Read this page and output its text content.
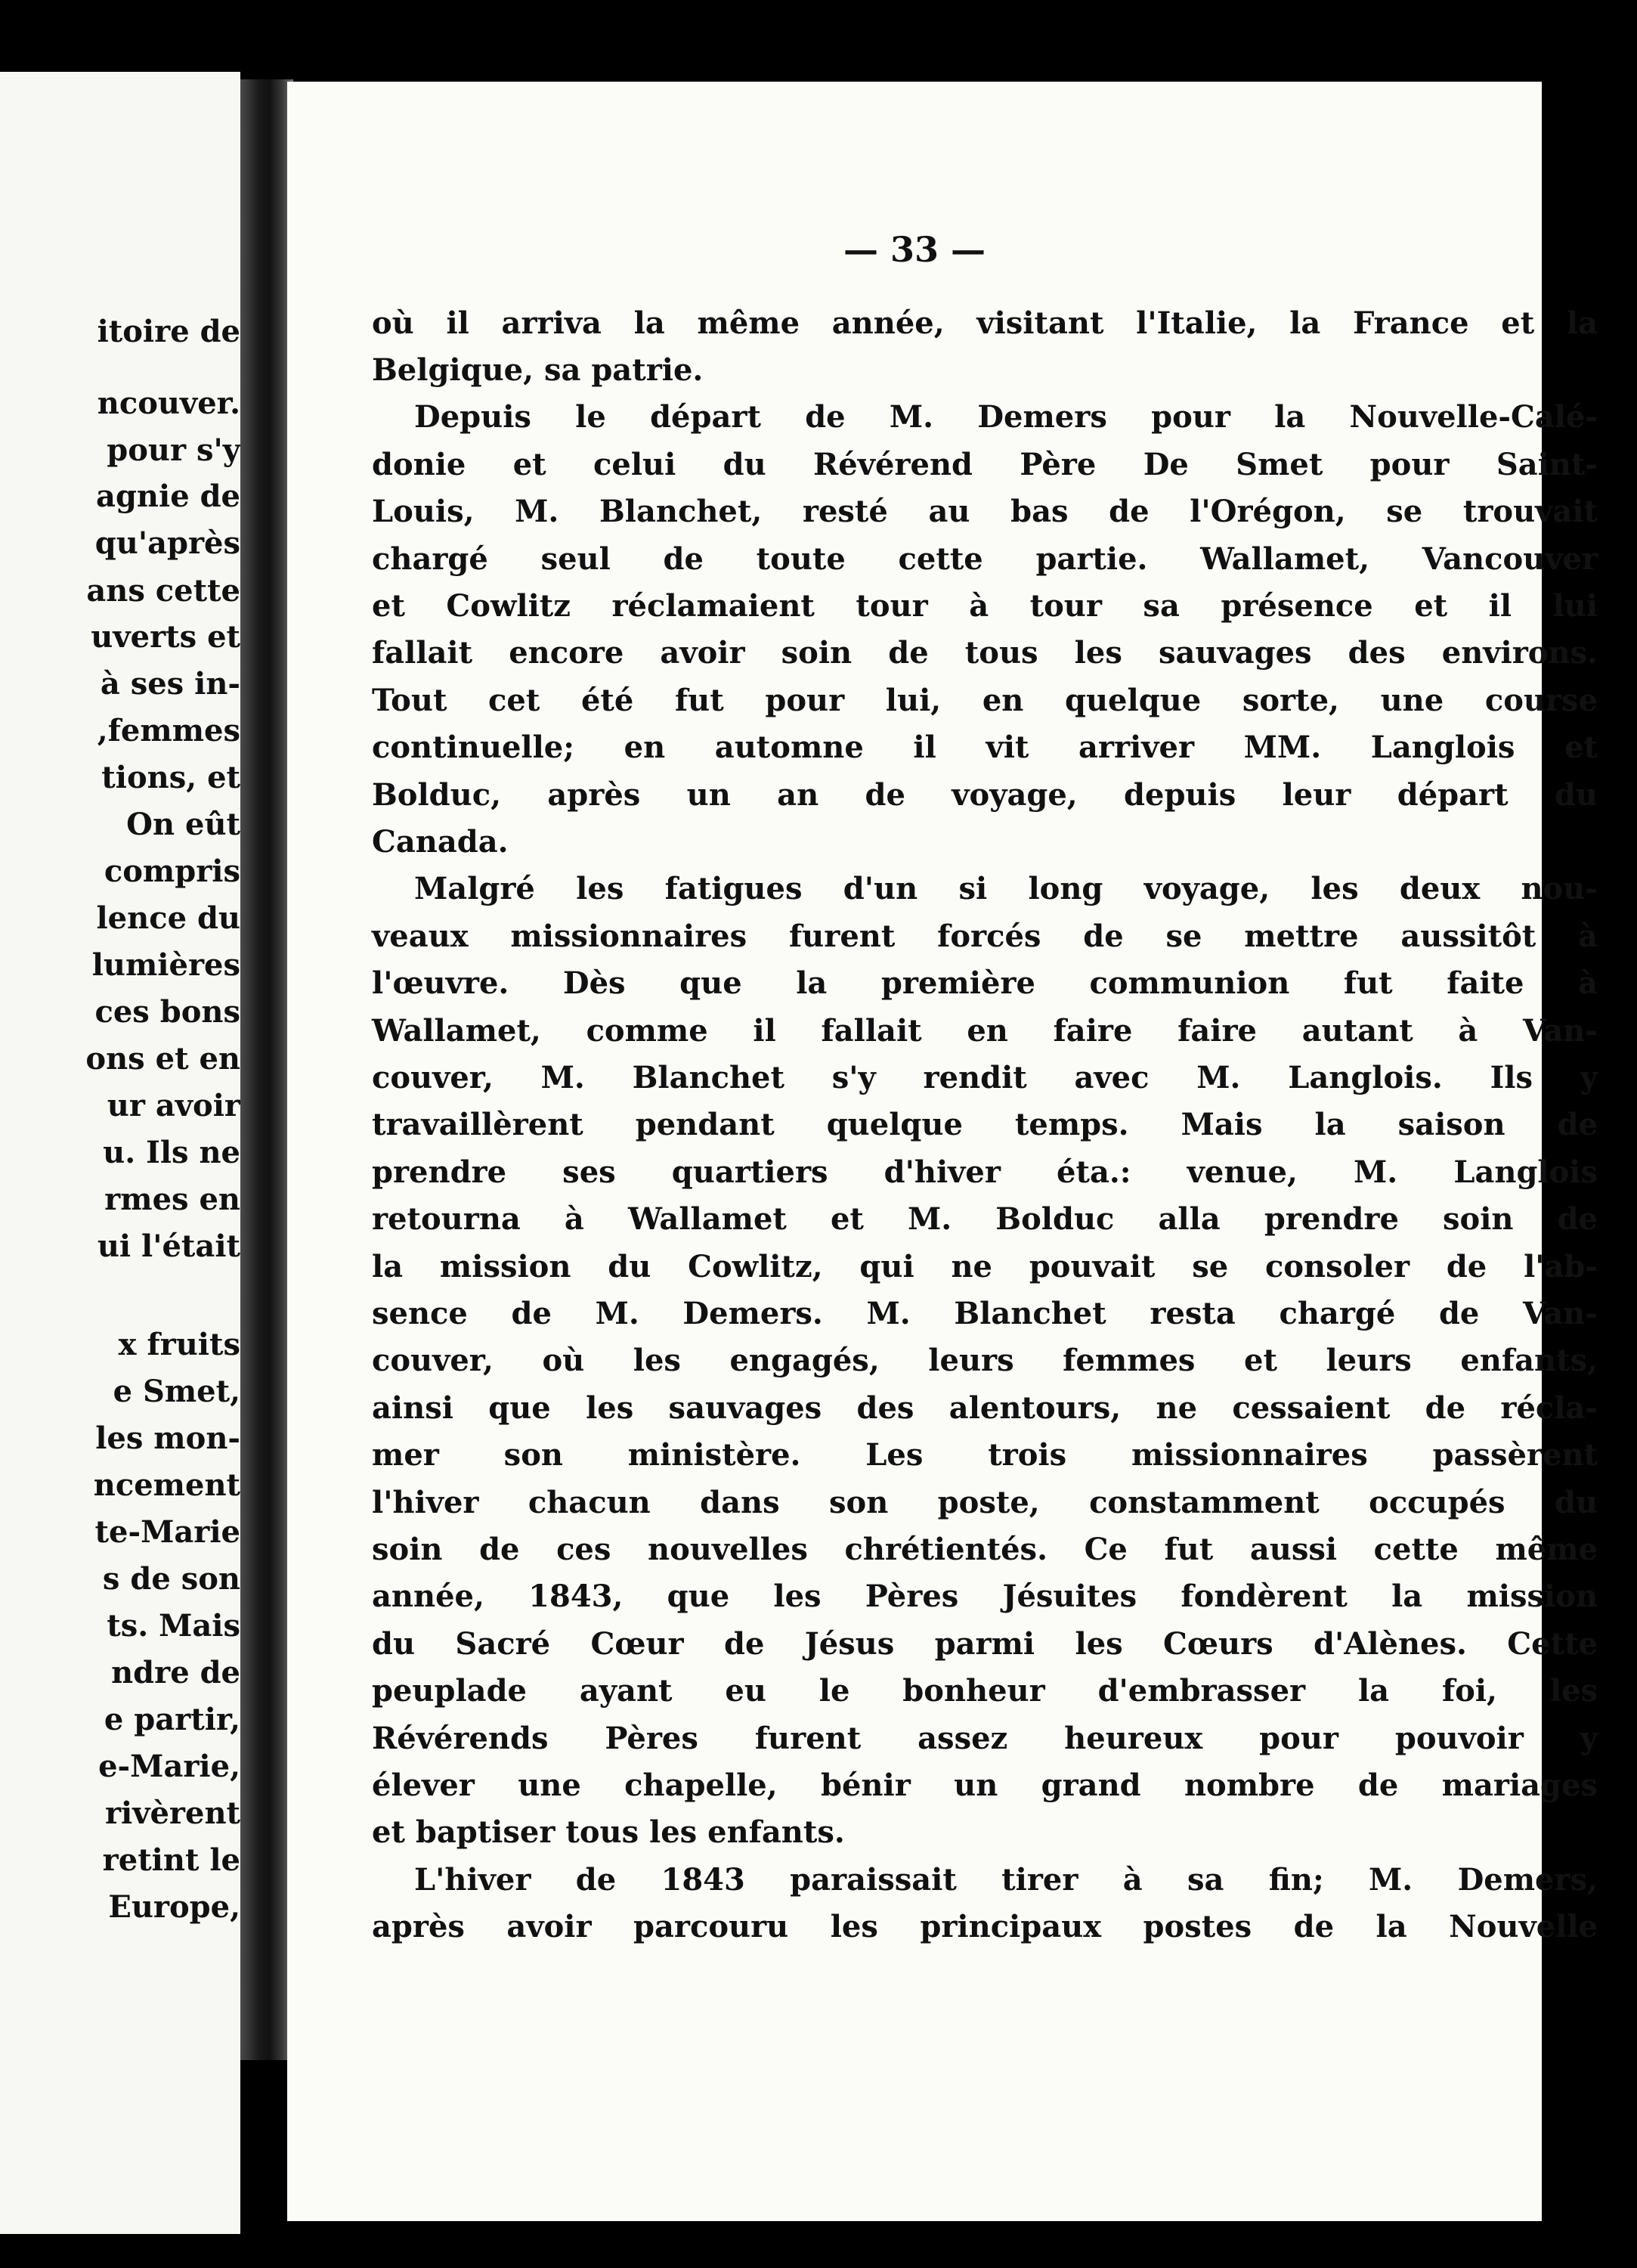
itoire de
ncouver.
pour s'y
agnie de
qu'après
ans cette
uverts et
à ses in-
,femmes
tions, et
On eût
compris
lence du
lumières
ces bons
ons et en
ur avoir
u. Ils ne
rmes en
ui l'était
x fruits
e Smet,
les mon-
ncement
te-Marie
s de son
ts. Mais
ndre de
e partir,
e-Marie,
rivèrent
retint le
Europe,
— 33 —
où il arriva la même année, visitant l'Italie, la France et la
Belgique, sa patrie.
Depuis le départ de M. Demers pour la Nouvelle-Calé-
donie et celui du Révérend Père De Smet pour Saint-
Louis, M. Blanchet, resté au bas de l'Orégon, se trouvait
chargé seul de toute cette partie. Wallamet, Vancouver
et Cowlitz réclamaient tour à tour sa présence et il lui
fallait encore avoir soin de tous les sauvages des environs.
Tout cet été fut pour lui, en quelque sorte, une course
continuelle; en automne il vit arriver MM. Langlois et
Bolduc, après un an de voyage, depuis leur départ du
Canada.
Malgré les fatigues d'un si long voyage, les deux nou-
veaux missionnaires furent forcés de se mettre aussitôt à
l'œuvre. Dès que la première communion fut faite à
Wallamet, comme il fallait en faire faire autant à Van-
couver, M. Blanchet s'y rendit avec M. Langlois. Ils y
travaillèrent pendant quelque temps. Mais la saison de
prendre ses quartiers d'hiver éta.: venue, M. Langlois
retourna à Wallamet et M. Bolduc alla prendre soin de
la mission du Cowlitz, qui ne pouvait se consoler de l'ab-
sence de M. Demers. M. Blanchet resta chargé de Van-
couver, où les engagés, leurs femmes et leurs enfants,
ainsi que les sauvages des alentours, ne cessaient de récla-
mer son ministère. Les trois missionnaires passèrent
l'hiver chacun dans son poste, constamment occupés du
soin de ces nouvelles chrétientés. Ce fut aussi cette même
année, 1843, que les Pères Jésuites fondèrent la mission
du Sacré Cœur de Jésus parmi les Cœurs d'Alènes. Cette
peuplade ayant eu le bonheur d'embrasser la foi, les
Révérends Pères furent assez heureux pour pouvoir y
élever une chapelle, bénir un grand nombre de mariages
et baptiser tous les enfants.
L'hiver de 1843 paraissait tirer à sa fin; M. Demers,
après avoir parcouru les principaux postes de la Nouvelle
